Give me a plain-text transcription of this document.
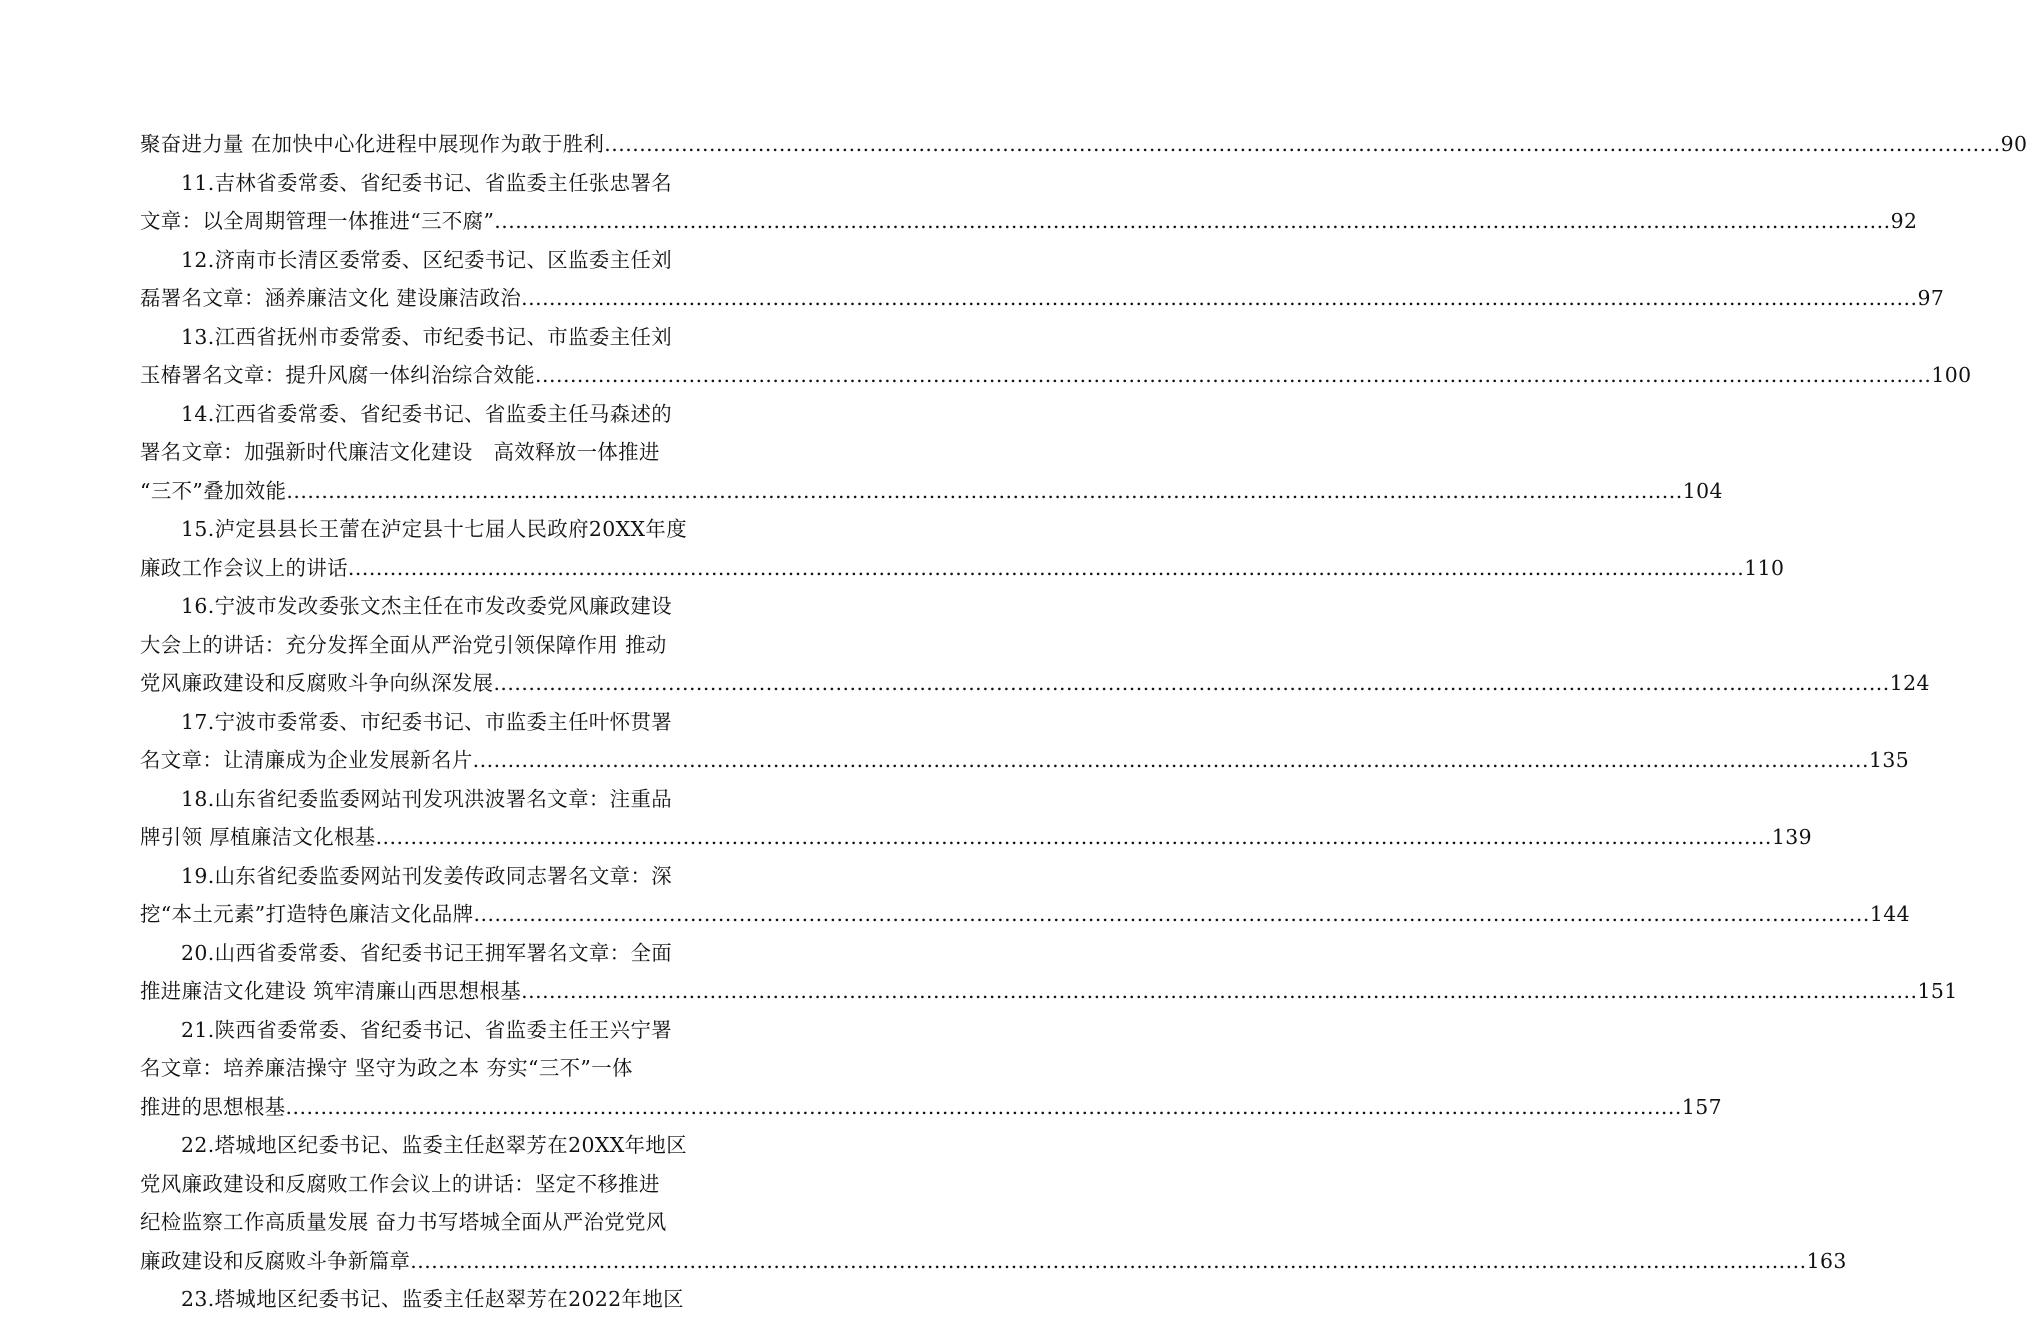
聚奋进力量 在加快中心化进程中展现作为敢于胜利 ........................................................................................................................................................................................................ 90
11.吉林省委常委、省纪委书记、省监委主任张忠署名
文章：以全周期管理一体推进“三不腐” ........................................................................................................................................................................................................ 92
12.济南市长清区委常委、区纪委书记、区监委主任刘
磊署名文章：涵养廉洁文化 建设廉洁政治 ........................................................................................................................................................................................................ 97
13.江西省抚州市委常委、市纪委书记、市监委主任刘
玉椿署名文章：提升风腐一体纠治综合效能 ........................................................................................................................................................................................................ 100
14.江西省委常委、省纪委书记、省监委主任马森述的
署名文章：加强新时代廉洁文化建设　高效释放一体推进
“三不”叠加效能 ........................................................................................................................................................................................................ 104
15.泸定县县长王蕾在泸定县十七届人民政府20XX年度
廉政工作会议上的讲话 ........................................................................................................................................................................................................ 110
16.宁波市发改委张文杰主任在市发改委党风廉政建设
大会上的讲话：充分发挥全面从严治党引领保障作用 推动
党风廉政建设和反腐败斗争向纵深发展 ........................................................................................................................................................................................................ 124
17.宁波市委常委、市纪委书记、市监委主任叶怀贯署
名文章：让清廉成为企业发展新名片 ........................................................................................................................................................................................................ 135
18.山东省纪委监委网站刊发巩洪波署名文章：注重品
牌引领 厚植廉洁文化根基 ........................................................................................................................................................................................................ 139
19.山东省纪委监委网站刊发姜传政同志署名文章：深
挖“本土元素”打造特色廉洁文化品牌 ........................................................................................................................................................................................................ 144
20.山西省委常委、省纪委书记王拥军署名文章：全面
推进廉洁文化建设 筑牢清廉山西思想根基 ........................................................................................................................................................................................................ 151
21.陕西省委常委、省纪委书记、省监委主任王兴宁署
名文章：培养廉洁操守 坚守为政之本 夯实“三不”一体
推进的思想根基 ........................................................................................................................................................................................................ 157
22.塔城地区纪委书记、监委主任赵翠芳在20XX年地区
党风廉政建设和反腐败工作会议上的讲话：坚定不移推进
纪检监察工作高质量发展 奋力书写塔城全面从严治党党风
廉政建设和反腐败斗争新篇章 ........................................................................................................................................................................................................ 163
23.塔城地区纪委书记、监委主任赵翠芳在2022年地区
